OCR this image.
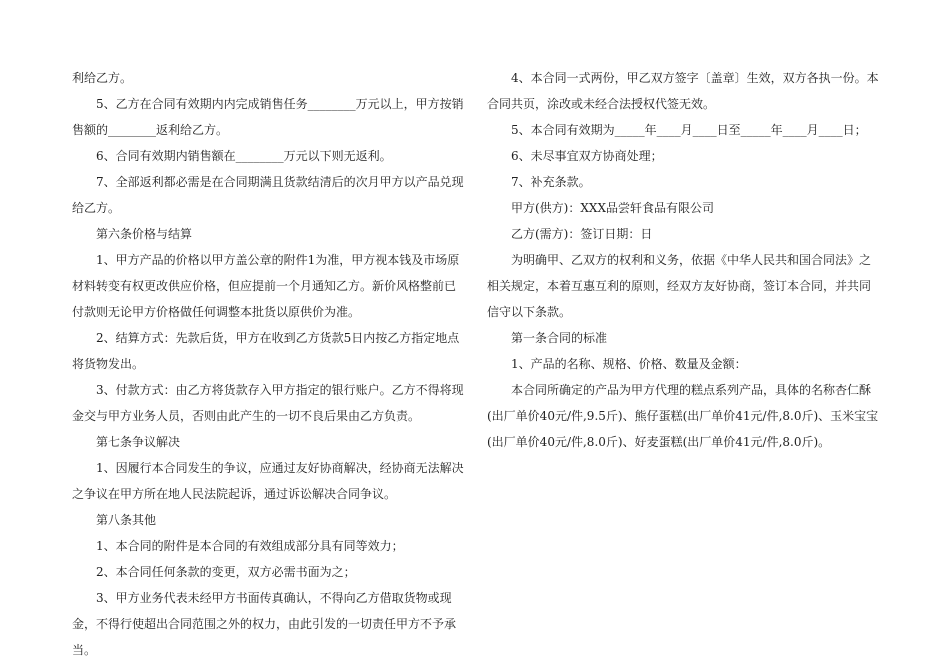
利给乙方。

5、乙方在合同有效期内内完成销售任务________万元以上，甲方按销售额的________返利给乙方。

6、合同有效期内销售额在________万元以下则无返利。

7、全部返利都必需是在合同期满且货款结清后的次月甲方以产品兑现给乙方。

第六条价格与结算

1、甲方产品的价格以甲方盖公章的附件1为准，甲方视本钱及市场原材料转变有权更改供应价格，但应提前一个月通知乙方。新价风格整前已付款则无论甲方价格做任何调整本批货以原供价为准。

2、结算方式：先款后货，甲方在收到乙方货款5日内按乙方指定地点将货物发出。

3、付款方式：由乙方将货款存入甲方指定的银行账户。乙方不得将现金交与甲方业务人员，否则由此产生的一切不良后果由乙方负责。

第七条争议解决

1、因履行本合同发生的争议，应通过友好协商解决，经协商无法解决之争议在甲方所在地人民法院起诉，通过诉讼解决合同争议。

第八条其他

1、本合同的附件是本合同的有效组成部分具有同等效力；

2、本合同任何条款的变更，双方必需书面为之；

3、甲方业务代表未经甲方书面传真确认，不得向乙方借取货物或现金，不得行使超出合同范围之外的权力，由此引发的一切责任甲方不予承当。

4、本合同一式两份，甲乙双方签字〔盖章〕生效，双方各执一份。本合同共页，涂改或未经合法授权代签无效。

5、本合同有效期为_____年____月____日至_____年____月____日；

6、未尽事宜双方协商处理；

7、补充条款。

甲方(供方)：XXX品尝轩食品有限公司

乙方(需方)：签订日期：日

为明确甲、乙双方的权利和义务，依据《中华人民共和国合同法》之相关规定，本着互惠互利的原则，经双方友好协商，签订本合同，并共同信守以下条款。

第一条合同的标准

1、产品的名称、规格、价格、数量及金额：

本合同所确定的产品为甲方代理的糕点系列产品，具体的名称杏仁酥(出厂单价40元/件,9.5斤)、熊仔蛋糕(出厂单价41元/件,8.0斤)、玉米宝宝(出厂单价40元/件,8.0斤)、好麦蛋糕(出厂单价41元/件,8.0斤)。
